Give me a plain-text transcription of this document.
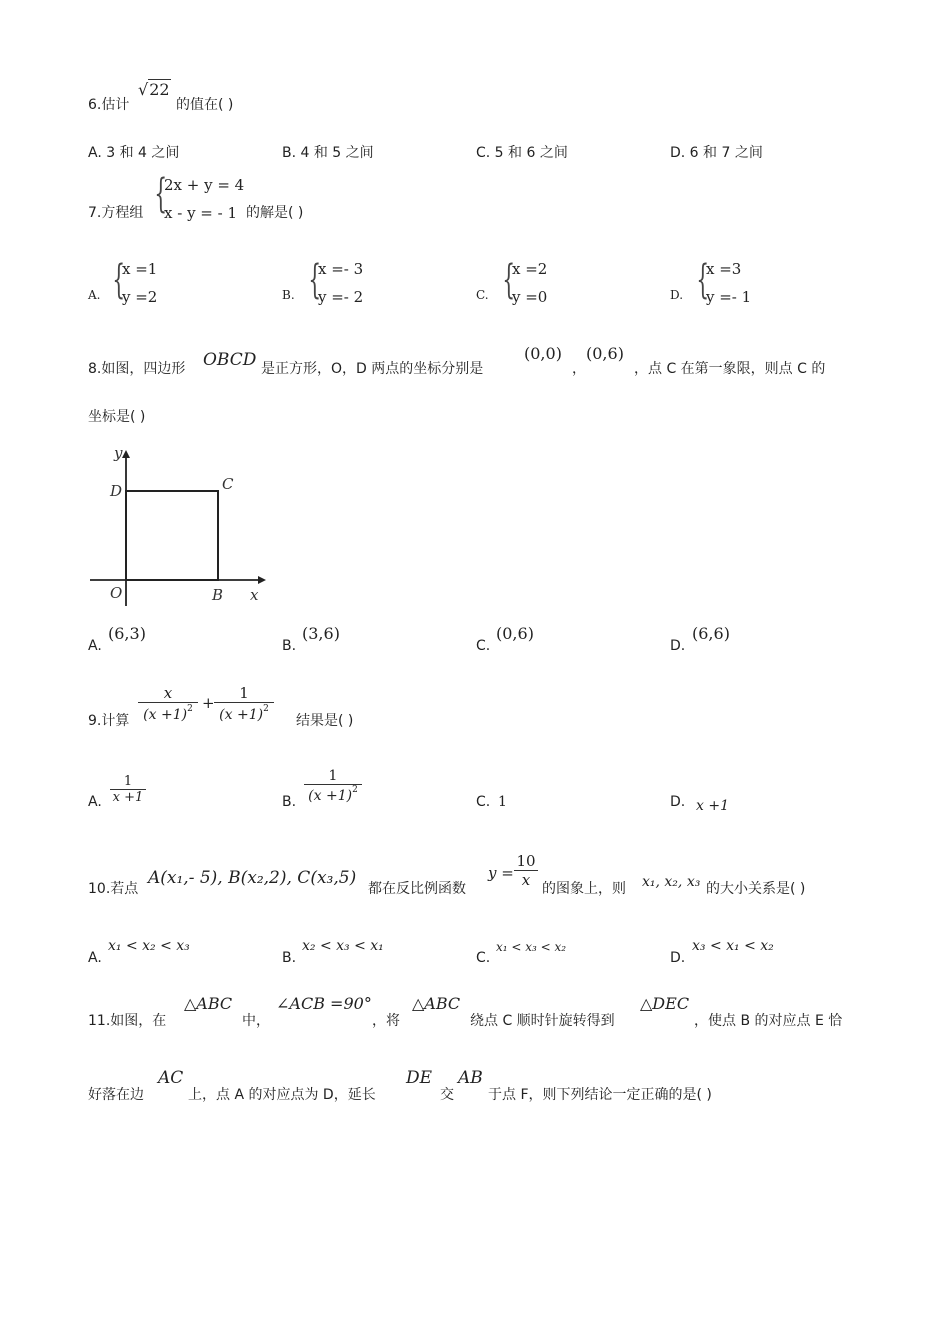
6.估计
√22
的值在( )
A. 3 和 4 之间	B. 4 和 5 之间	C. 5 和 6 之间	D. 6 和 7 之间
7.方程组 {
2x + y = 4
x - y = - 1 的解是( )
A. {
x =1
y =2	B. {
x =- 3
y =- 2	C. {
x =2
y =0	D. {
x =3
y =- 1
8.如图，四边形 OBCD 是正方形，O，D 两点的坐标分别是
(0,0)
，
(0,6)
，点 C 在第一象限，则点 C 的
坐标是( )
y
D	C
O	B x
A.
(6,3)
B.
(3,6)
C.
(0,6)
D.
(6,6)
9.计算 $\frac{x}{(x +1)^2} + \frac{1}{(x +1)^2}$ 结果是( )
A. $\frac{1}{x +1}$	B. $\frac{1}{(x +1)^2}$	C. 1	D. x +1
10.若点
A(x₁,- 5), B(x₂,2), C(x₃,5)
都在反比例函数
$y = \frac{10}{x}$ 的图象上，则 x₁, x₂, x₃ 的大小关系是( )
A.
x₁ < x₂ < x₃
B.
x₂ < x₃ < x₁
C.
x₁ < x₃ < x₂
D.
x₃ < x₁ < x₂
11.如图，在
△ABC
中，
∠ACB =90°
，将
△ABC
绕点 C 顺时针旋转得到
△DEC
，使点 B 的对应点 E 恰
好落在边
AC
上，点 A 的对应点为 D，延长
DE
交
AB
于点 F，则下列结论一定正确的是( )
